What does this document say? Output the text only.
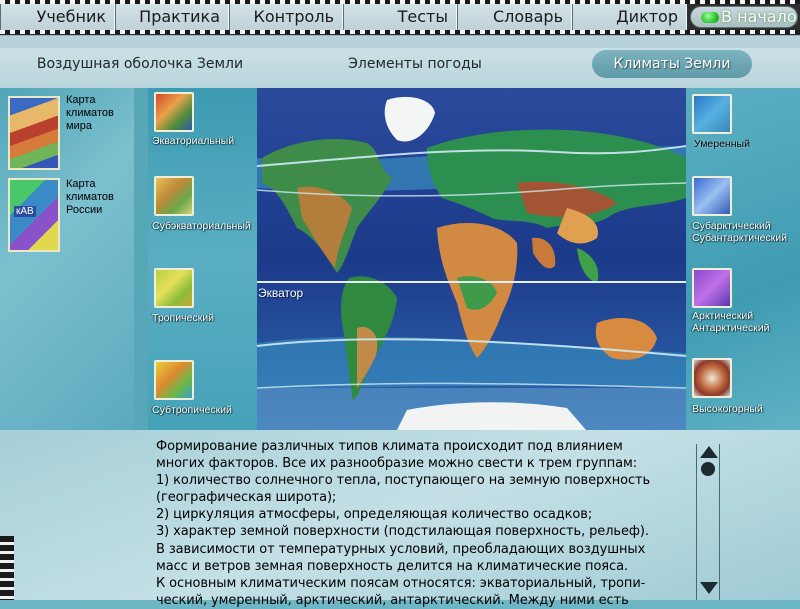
Учебник	Практика	Контроль	Тесты	Словарь	Диктор	В начало
Воздушная оболочка Земли	Элементы погоды	Климаты Земли
Карта климатов мира
кАВ
Карта климатов России
Экваториальный
Субэкваториальный
Тропический
Субтропический
Экватор
Умеренный
Субарктический
Субантарктический
Арктический
Антарктический
Высокогорный

Формирование различных типов климата происходит под влиянием

многих факторов. Все их разнообразие можно свести к трем группам:

1) количество солнечного тепла, поступающего на земную поверхность

(географическая широта);

2) циркуляция атмосферы, определяющая количество осадков;

3) характер земной поверхности (подстилающая поверхность, рельеф).

В зависимости от температурных условий, преобладающих воздушных

масс и ветров земная поверхность делится на климатические пояса.

К основным климатическим поясам относятся: экваториальный, тропи-

ческий, умеренный, арктический, антарктический. Между ними есть
